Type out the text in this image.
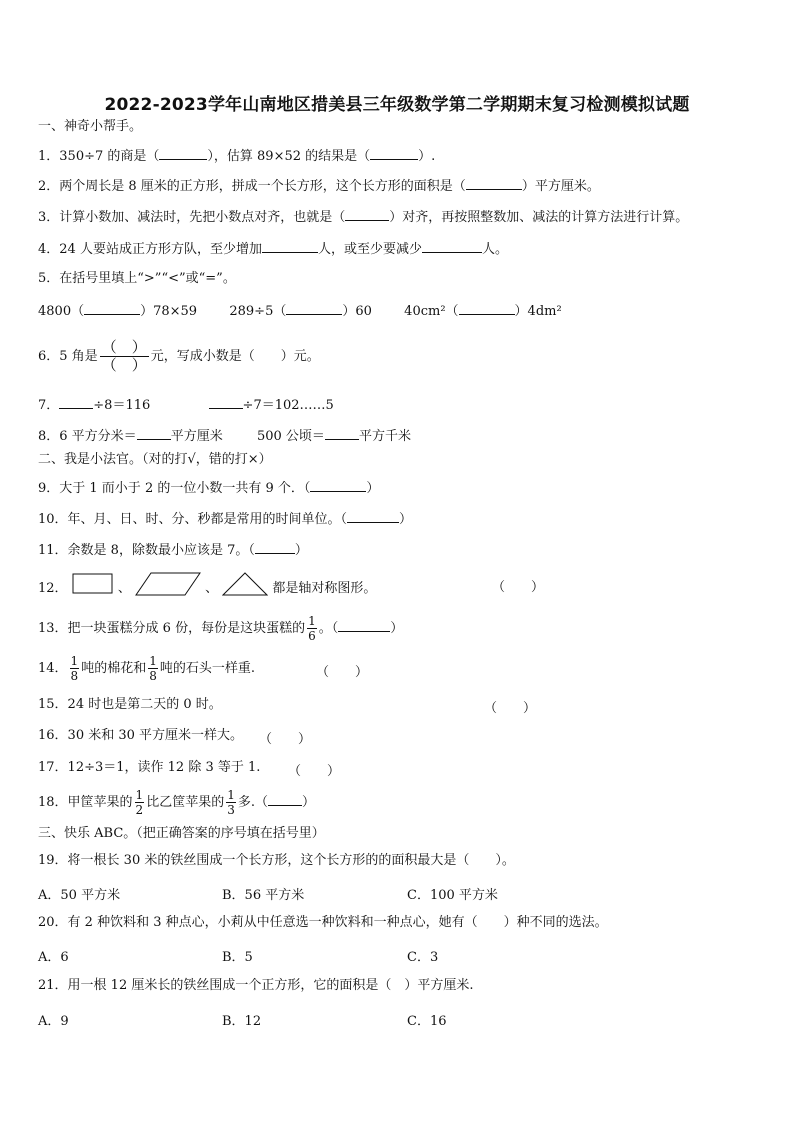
2022-2023学年山南地区措美县三年级数学第二学期期末复习检测模拟试题
一、神奇小帮手。
1．350÷7 的商是（	），估算 89×52 的结果是（	）.
2．两个周长是 8 厘米的正方形，拼成一个长方形，这个长方形的面积是（	）平方厘米。
3．计算小数加、减法时，先把小数点对齐，也就是（	）对齐，再按照整数加、减法的计算方法进行计算。
4．24 人要站成正方形方队，至少增加	人，或至少要减少	人。
5．在括号里填上“>”“<”或“=”。
4800（	）78×59 289÷5（	）60 40cm²（	）4dm²
6．5 角是
（　）
（　） 元，写成小数是（　　）元。
7．	÷8＝116	÷7＝102……5
8．6 平方分米＝	平方厘米	500 公顷＝	平方千米
二、我是小法官。（对的打√，错的打×）
9．大于 1 而小于 2 的一位小数一共有 9 个．（	）
10．年、月、日、时、分、秒都是常用的时间单位。（	）
11．余数是 8，除数最小应该是 7。（	）
12．	、	、	都是轴对称图形。	（　　）
13．把一块蛋糕分成 6 份，每份是这块蛋糕的 $\frac{1}{6}$ 。（	）
14． $\frac{1}{8}$ 吨的棉花和 $\frac{1}{8}$ 吨的石头一样重.	（　　）
15．24 时也是第二天的 0 时。	（　　）
16．30 米和 30 平方厘米一样大。 （　　）
17．12÷3＝1，读作 12 除 3 等于 1. （　　）
18．甲筐苹果的 $\frac{1}{2}$ 比乙筐苹果的 $\frac{1}{3}$ 多.（	）
三、快乐 ABC。（把正确答案的序号填在括号里）
19．将一根长 30 米的铁丝围成一个长方形，这个长方形的的面积最大是（　　）。
A．50 平方米	B．56 平方米	C．100 平方米
20．有 2 种饮料和 3 种点心，小莉从中任意选一种饮料和一种点心，她有（　　）种不同的选法。
A．6	B．5	C．3
21．用一根 12 厘米长的铁丝围成一个正方形，它的面积是（　）平方厘米.
A．9	B．12	C．16
